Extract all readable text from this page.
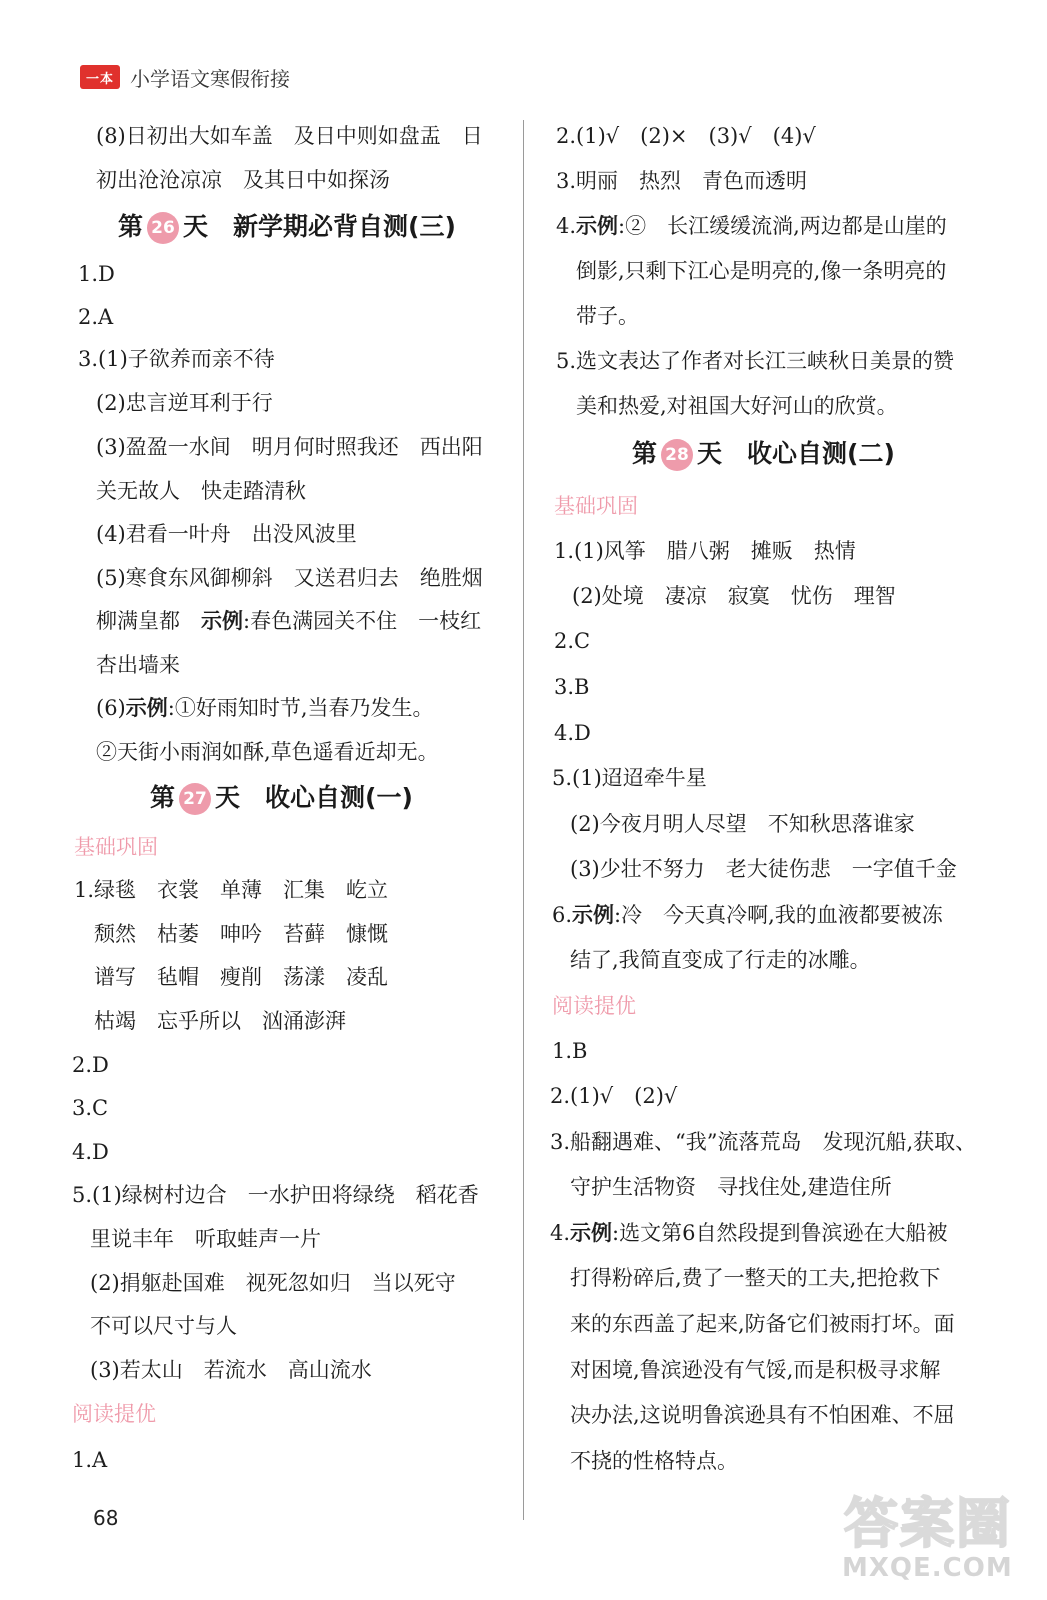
一本 小学语文寒假衔接
(8)日初出大如车盖　及日中则如盘盂　日
初出沧沧凉凉　及其日中如探汤
第 26 天　新学期必背自测(三)
1.D
2.A
3.(1)子欲养而亲不待
(2)忠言逆耳利于行
(3)盈盈一水间　明月何时照我还　西出阳
关无故人　快走踏清秋
(4)君看一叶舟　出没风波里
(5)寒食东风御柳斜　又送君归去　绝胜烟
柳满皇都　示例:春色满园关不住　一枝红
杏出墙来
(6)示例:①好雨知时节,当春乃发生。
②天街小雨润如酥,草色遥看近却无。
第 27 天　收心自测(一)
基础巩固
1.绿毯　衣裳　单薄　汇集　屹立
颓然　枯萎　呻吟　苔藓　慷慨
谱写　毡帽　瘦削　荡漾　凌乱
枯竭　忘乎所以　汹涌澎湃
2.D
3.C
4.D
5.(1)绿树村边合　一水护田将绿绕　稻花香
里说丰年　听取蛙声一片
(2)捐躯赴国难　视死忽如归　当以死守
不可以尺寸与人
(3)若太山　若流水　高山流水
阅读提优
1.A
2.(1)√　(2)×　(3)√　(4)√
3.明丽　热烈　青色而透明
4.示例:②　长江缓缓流淌,两边都是山崖的
倒影,只剩下江心是明亮的,像一条明亮的
带子。
5.选文表达了作者对长江三峡秋日美景的赞
美和热爱,对祖国大好河山的欣赏。
第 28 天　收心自测(二)
基础巩固
1.(1)风筝　腊八粥　摊贩　热情
(2)处境　凄凉　寂寞　忧伤　理智
2.C
3.B
4.D
5.(1)迢迢牵牛星
(2)今夜月明人尽望　不知秋思落谁家
(3)少壮不努力　老大徒伤悲　一字值千金
6.示例:冷　今天真冷啊,我的血液都要被冻
结了,我简直变成了行走的冰雕。
阅读提优
1.B
2.(1)√　(2)√
3.船翻遇难、“我”流落荒岛　发现沉船,获取、
守护生活物资　寻找住处,建造住所
4.示例:选文第6自然段提到鲁滨逊在大船被
打得粉碎后,费了一整天的工夫,把抢救下
来的东西盖了起来,防备它们被雨打坏。面
对困境,鲁滨逊没有气馁,而是积极寻求解
决办法,这说明鲁滨逊具有不怕困难、不屈
不挠的性格特点。
68	答案圈
MXQE.COM
